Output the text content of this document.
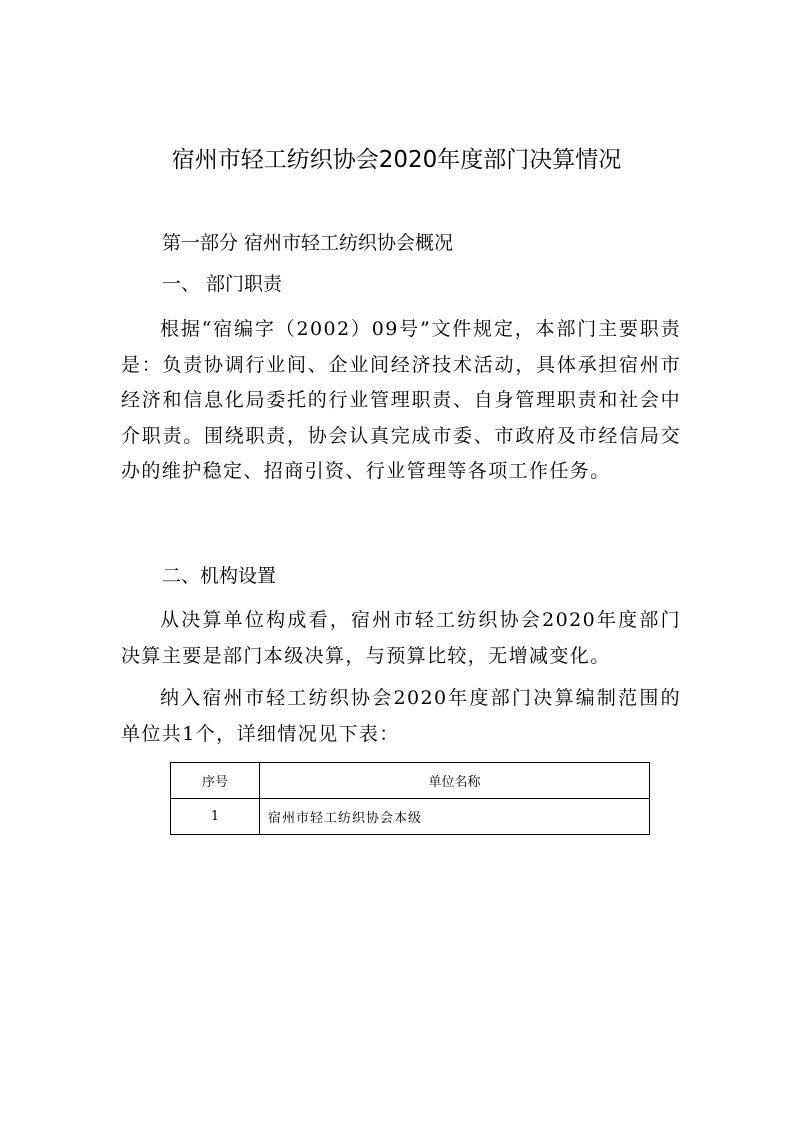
宿州市轻工纺织协会2020年度部门决算情况
第一部分 宿州市轻工纺织协会概况
一、 部门职责

根据“宿编字（2002）09号”文件规定，本部门主要职责是：负责协调行业间、企业间经济技术活动，具体承担宿州市经济和信息化局委托的行业管理职责、自身管理职责和社会中介职责。围绕职责，协会认真完成市委、市政府及市经信局交办的维护稳定、招商引资、行业管理等各项工作任务。

二、机构设置

从决算单位构成看，宿州市轻工纺织协会2020年度部门决算主要是部门本级决算，与预算比较，无增减变化。

纳入宿州市轻工纺织协会2020年度部门决算编制范围的单位共1个，详细情况见下表：

序号	单位名称
1	宿州市轻工纺织协会本级
